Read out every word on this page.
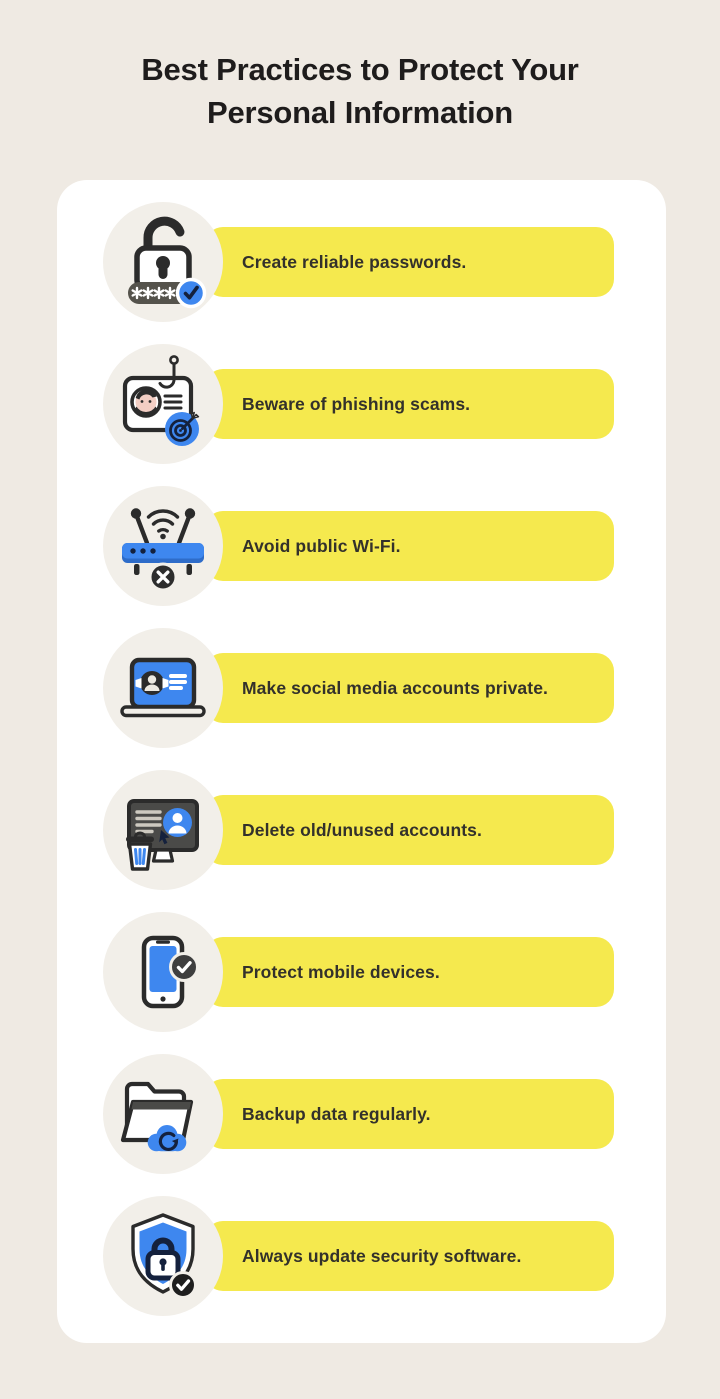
Best Practices to Protect Your Personal Information
Create reliable passwords.
Beware of phishing scams.
Avoid public Wi-Fi.
Make social media accounts private.
Delete old/unused accounts.
Protect mobile devices.
Backup data regularly.
Always update security software.
